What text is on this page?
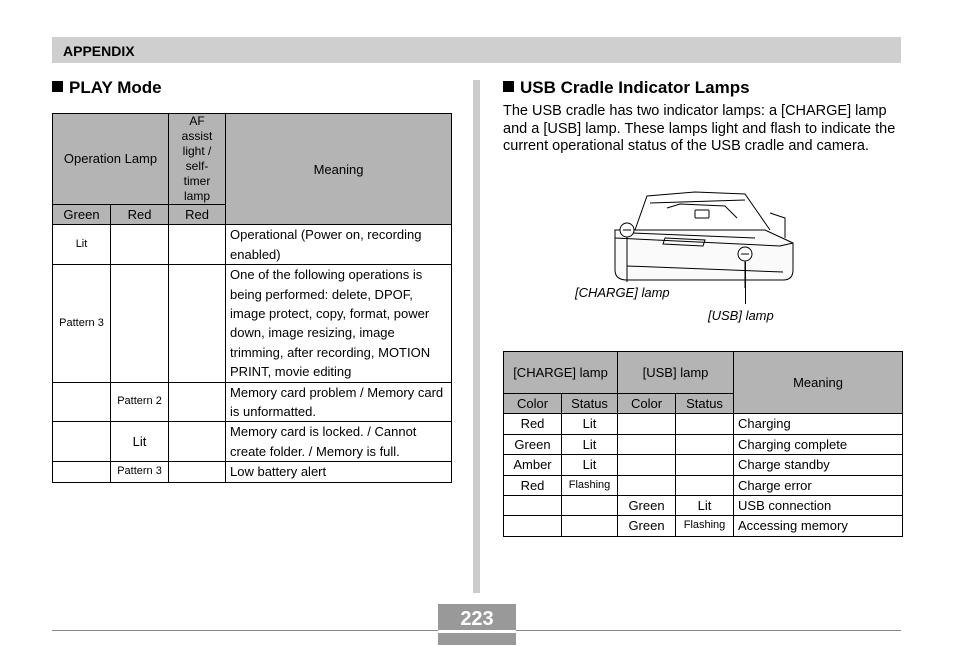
APPENDIX
PLAY Mode
Operation Lamp		AF assist light / self-timer lamp	Meaning
Green	Red	Red	
Lit			Operational (Power on, recording enabled)
Pattern 3			One of the following operations is being performed: delete, DPOF, image protect, copy, format, power down, image resizing, image trimming, after recording, MOTION PRINT, movie editing
	Pattern 2		Memory card problem / Memory card is unformatted.
	Lit		Memory card is locked. / Cannot create folder. / Memory is full.
	Pattern 3		Low battery alert
USB Cradle Indicator Lamps
The USB cradle has two indicator lamps: a [CHARGE] lamp and a [USB] lamp. These lamps light and flash to indicate the current operational status of the USB cradle and camera.
[CHARGE] lamp
[USB] lamp
[CHARGE] lamp		[USB] lamp		Meaning
Color	Status	Color	Status	
Red	Lit			Charging
Green	Lit			Charging complete
Amber	Lit			Charge standby
Red	Flashing			Charge error
		Green	Lit	USB connection
		Green	Flashing	Accessing memory
223
